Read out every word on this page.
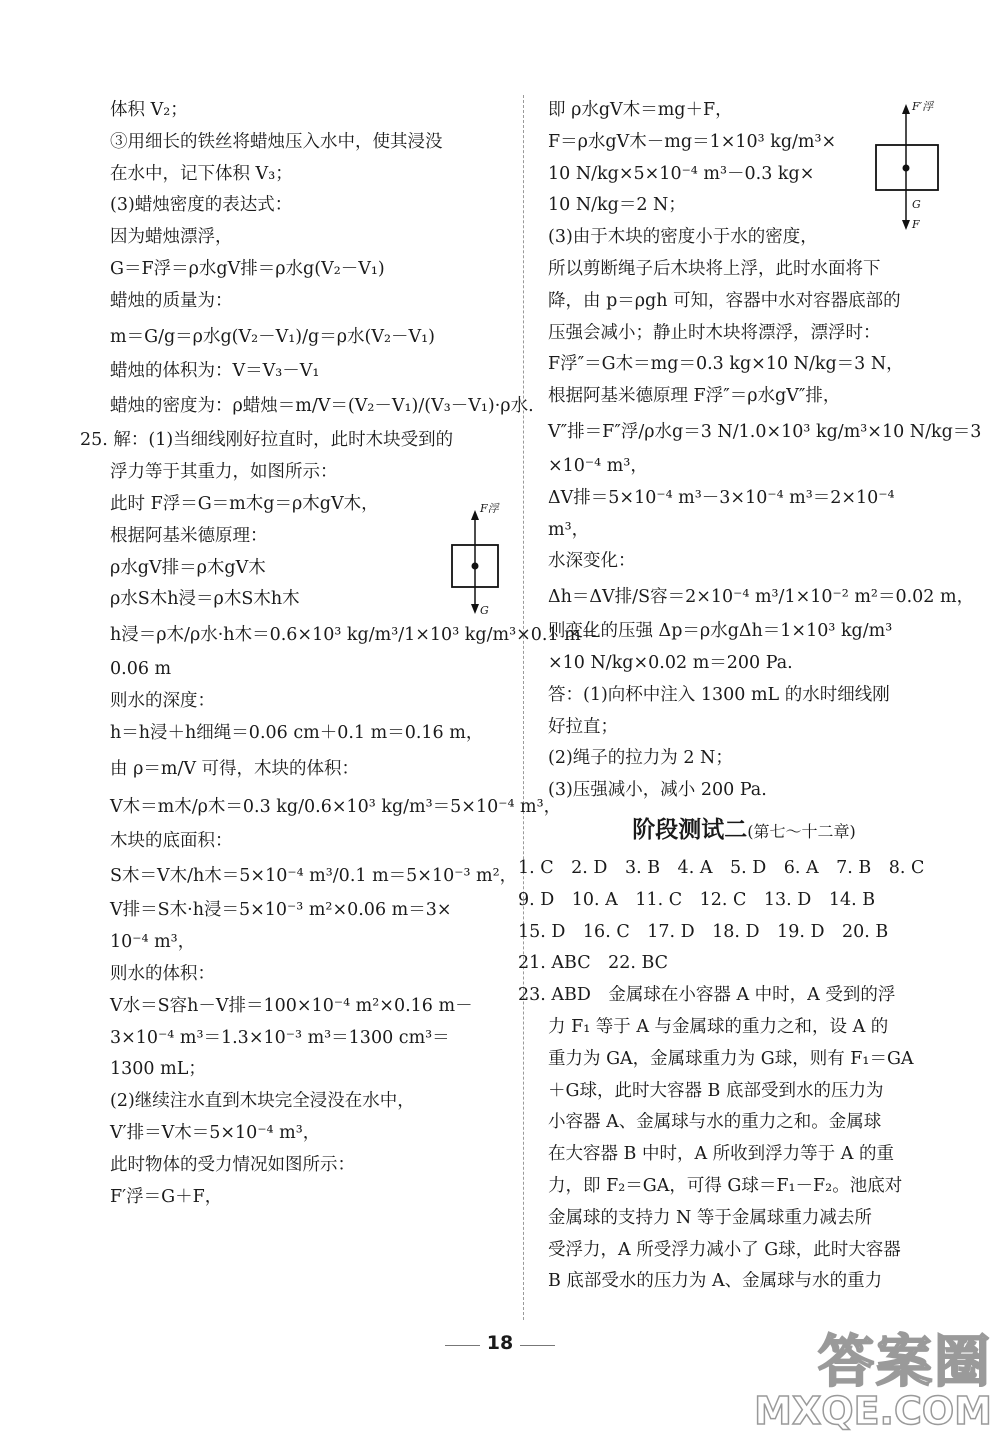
体积 V₂；
③用细长的铁丝将蜡烛压入水中，使其浸没
在水中，记下体积 V₃；
(3)蜡烛密度的表达式：
因为蜡烛漂浮，
G＝F浮＝ρ水gV排＝ρ水g(V₂－V₁)
蜡烛的质量为：
m＝G/g＝ρ水g(V₂－V₁)/g＝ρ水(V₂－V₁)
蜡烛的体积为：V＝V₃－V₁
蜡烛的密度为：ρ蜡烛＝m/V＝(V₂－V₁)/(V₃－V₁)·ρ水.
25. 解：(1)当细线刚好拉直时，此时木块受到的
浮力等于其重力，如图所示：
此时 F浮＝G＝m木g＝ρ木gV木，
根据阿基米德原理：
ρ水gV排＝ρ木gV木
ρ水S木h浸＝ρ木S木h木
h浸＝ρ木/ρ水·h木＝0.6×10³ kg/m³/1×10³ kg/m³×0.1 m＝
0.06 m
则水的深度：
h＝h浸＋h细绳＝0.06 cm＋0.1 m＝0.16 m，
由 ρ＝m/V 可得，木块的体积：
V木＝m木/ρ木＝0.3 kg/0.6×10³ kg/m³＝5×10⁻⁴ m³，
木块的底面积：
S木＝V木/h木＝5×10⁻⁴ m³/0.1 m＝5×10⁻³ m²，
V排＝S木·h浸＝5×10⁻³ m²×0.06 m＝3×
10⁻⁴ m³，
则水的体积：
V水＝S容h－V排＝100×10⁻⁴ m²×0.16 m－
3×10⁻⁴ m³＝1.3×10⁻³ m³＝1300 cm³＝
1300 mL；
(2)继续注水直到木块完全浸没在水中，
V′排＝V木＝5×10⁻⁴ m³，
此时物体的受力情况如图所示：
F′浮＝G＋F，
即 ρ水gV木＝mg＋F，
F＝ρ水gV木－mg＝1×10³ kg/m³×
10 N/kg×5×10⁻⁴ m³－0.3 kg×
10 N/kg＝2 N；
(3)由于木块的密度小于水的密度，
所以剪断绳子后木块将上浮，此时水面将下
降，由 p＝ρgh 可知，容器中水对容器底部的
压强会减小；静止时木块将漂浮，漂浮时：
F浮″＝G木＝mg＝0.3 kg×10 N/kg＝3 N，
根据阿基米德原理 F浮″＝ρ水gV″排，
V″排＝F″浮/ρ水g＝3 N/1.0×10³ kg/m³×10 N/kg＝3
×10⁻⁴ m³，
ΔV排＝5×10⁻⁴ m³－3×10⁻⁴ m³＝2×10⁻⁴
m³，
水深变化：
Δh＝ΔV排/S容＝2×10⁻⁴ m³/1×10⁻² m²＝0.02 m，
则变化的压强 Δp＝ρ水gΔh＝1×10³ kg/m³
×10 N/kg×0.02 m＝200 Pa.
答：(1)向杯中注入 1300 mL 的水时细线刚
好拉直；
(2)绳子的拉力为 2 N；
(3)压强减小，减小 200 Pa.
阶段测试二(第七～十二章)
1. C　2. D　3. B　4. A　5. D　6. A　7. B　8. C
9. D　10. A　11. C　12. C　13. D　14. B
15. D　16. C　17. D　18. D　19. D　20. B
21. ABC　22. BC
23. ABD　金属球在小容器 A 中时，A 受到的浮
力 F₁ 等于 A 与金属球的重力之和，设 A 的
重力为 GA，金属球重力为 G球，则有 F₁＝GA
＋G球，此时大容器 B 底部受到水的压力为
小容器 A、金属球与水的重力之和。金属球
在大容器 B 中时，A 所收到浮力等于 A 的重
力，即 F₂＝GA，可得 G球＝F₁－F₂。池底对
金属球的支持力 N 等于金属球重力减去所
受浮力，A 所受浮力减小了 G球，此时大容器
B 底部受水的压力为 A、金属球与水的重力
F浮
G
F′浮
G
F
18	答案圈
MXQE.COM
